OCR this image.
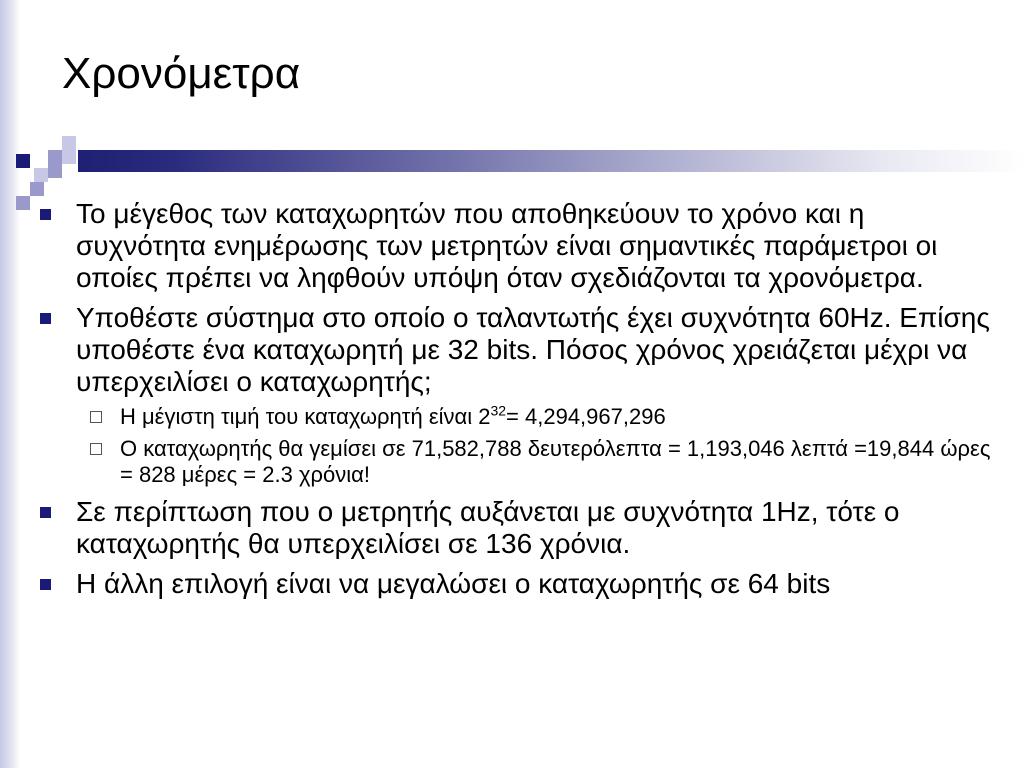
Χρονόμετρα
Το μέγεθος των καταχωρητών που αποθηκεύουν το χρόνο και η συχνότητα ενημέρωσης των μετρητών είναι σημαντικές παράμετροι οι οποίες πρέπει να ληφθούν υπόψη όταν σχεδιάζονται τα χρονόμετρα.
Υποθέστε σύστημα στο οποίο ο ταλαντωτής έχει συχνότητα 60Hz. Επίσης υποθέστε ένα καταχωρητή με 32 bits. Πόσος χρόνος χρειάζεται μέχρι να υπερχειλίσει ο καταχωρητής;
Η μέγιστη τιμή του καταχωρητή είναι $2^{32}= 4,294,967,296$
Ο καταχωρητής θα γεμίσει σε 71,582,788 δευτερόλεπτα = 1,193,046 λεπτά =19,844 ώρες = 828 μέρες = 2.3 χρόνια!
Σε περίπτωση που ο μετρητής αυξάνεται με συχνότητα 1Hz, τότε ο καταχωρητής θα υπερχειλίσει σε 136 χρόνια.
Η άλλη επιλογή είναι να μεγαλώσει ο καταχωρητής σε 64 bits
